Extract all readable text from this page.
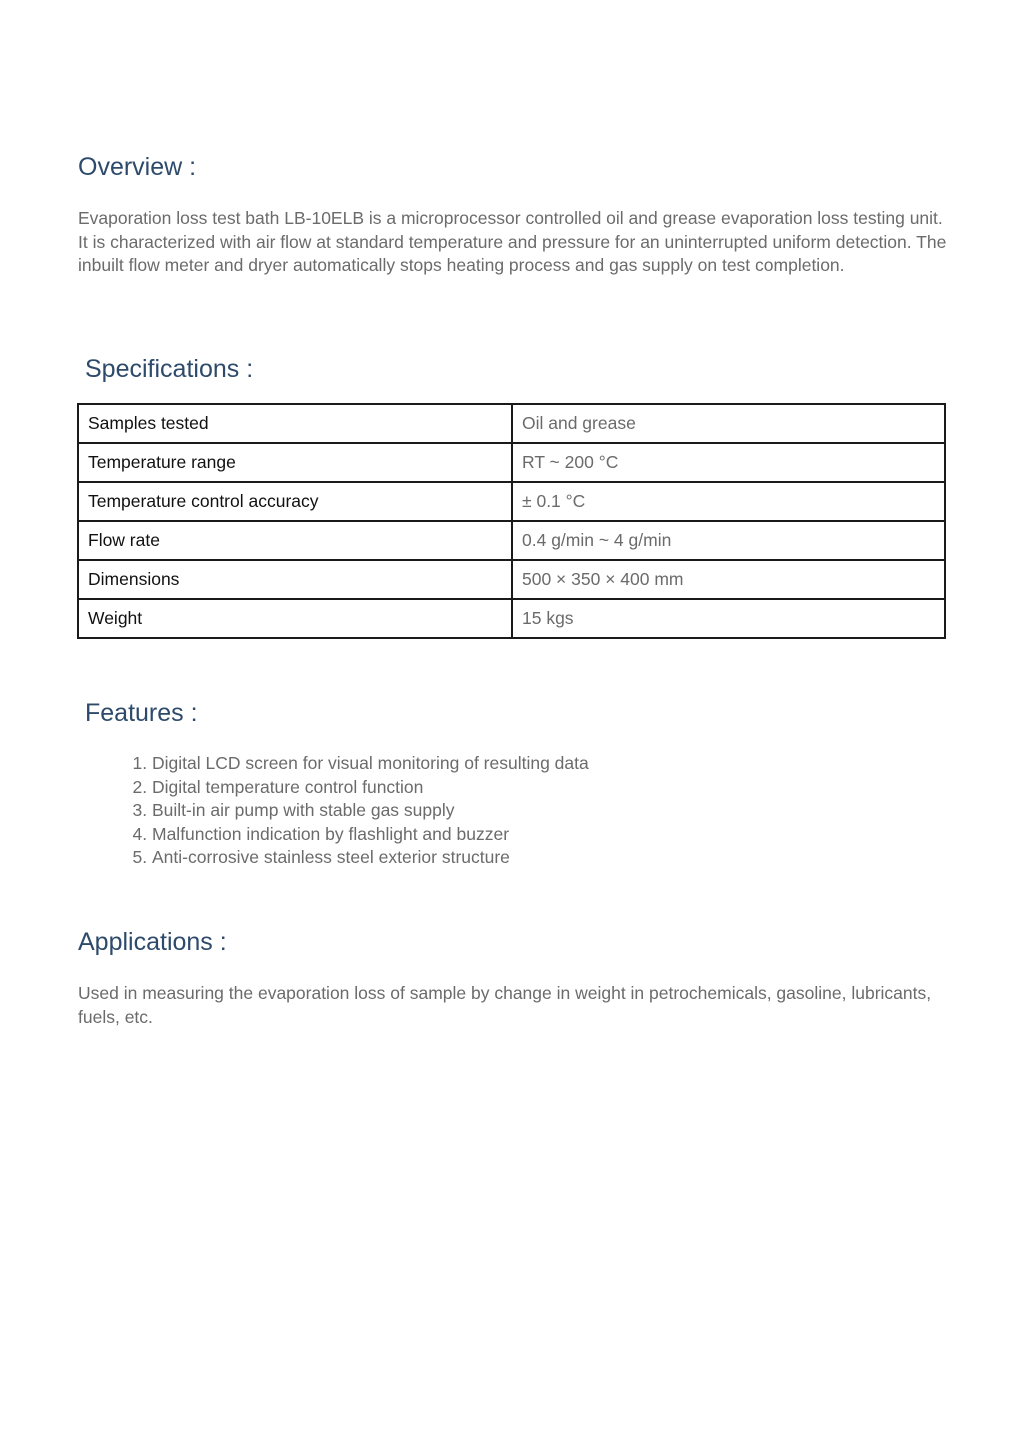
Overview :

Evaporation loss test bath LB-10ELB is a microprocessor controlled oil and grease evaporation loss testing unit. It is characterized with air flow at standard temperature and pressure for an uninterrupted uniform detection. The inbuilt flow meter and dryer automatically stops heating process and gas supply on test completion.

Specifications :
Samples tested	Oil and grease
Temperature range	RT ~ 200 °C
Temperature control accuracy	± 0.1 °C
Flow rate	0.4 g/min ~ 4 g/min
Dimensions	500 × 350 × 400 mm
Weight	15 kgs
Features :
1. Digital LCD screen for visual monitoring of resulting data
2. Digital temperature control function
3. Built-in air pump with stable gas supply
4. Malfunction indication by flashlight and buzzer
5. Anti-corrosive stainless steel exterior structure
Applications :

Used in measuring the evaporation loss of sample by change in weight in petrochemicals, gasoline, lubricants, fuels, etc.
